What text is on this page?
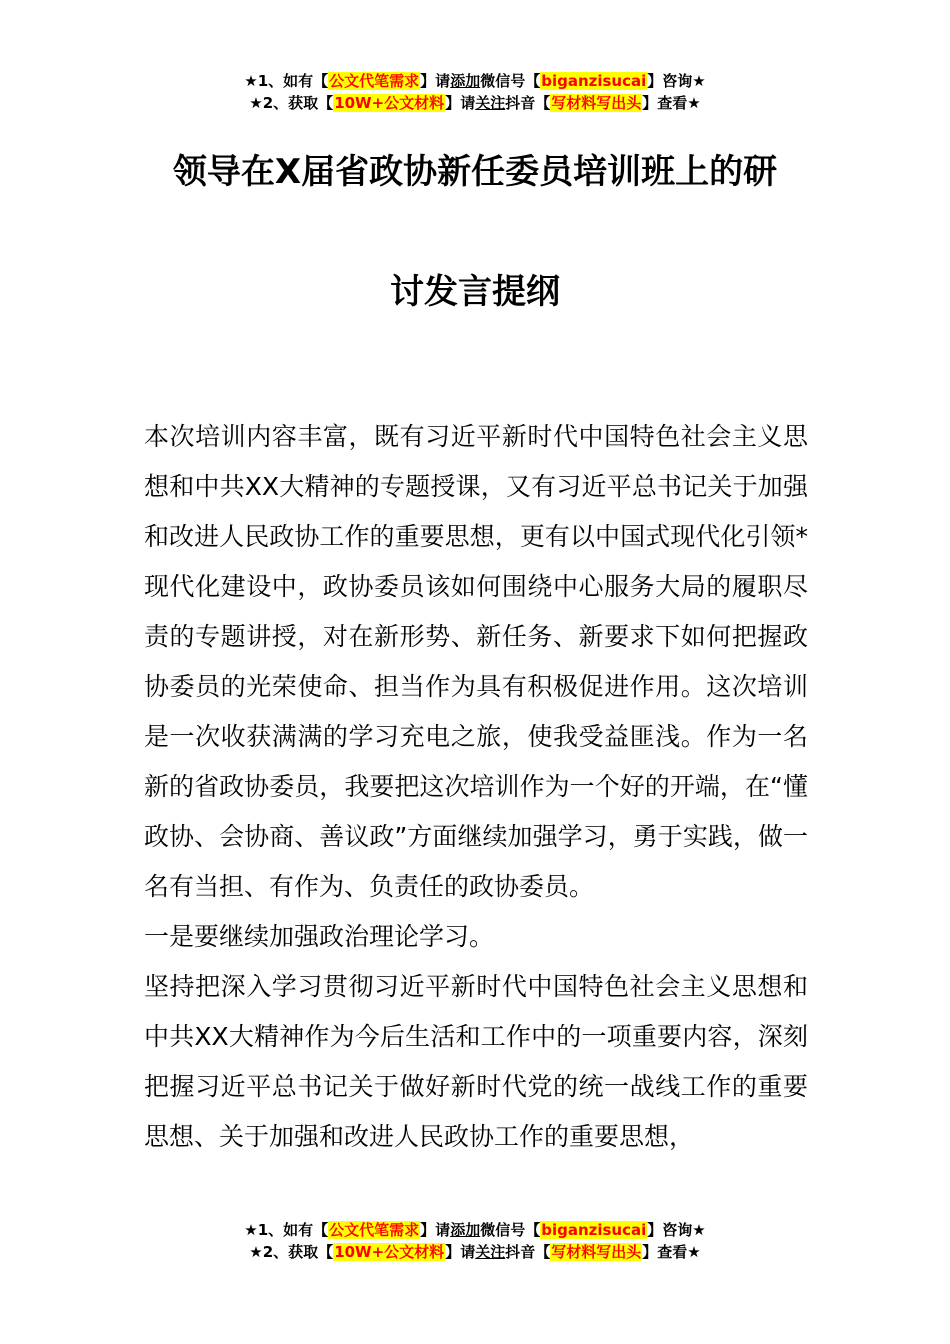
★1、如有【公文代笔需求】请添加微信号【biganzisucai】咨询★
★2、获取【10W+公文材料】请关注抖音【写材料写出头】查看★
领导在X届省政协新任委员培训班上的研
讨发言提纲

本次培训内容丰富，既有习近平新时代中国特色社会主义思想和中共XX大精神的专题授课，又有习近平总书记关于加强和改进人民政协工作的重要思想，更有以中国式现代化引领*现代化建设中，政协委员该如何围绕中心服务大局的履职尽责的专题讲授，对在新形势、新任务、新要求下如何把握政协委员的光荣使命、担当作为具有积极促进作用。这次培训是一次收获满满的学习充电之旅，使我受益匪浅。作为一名新的省政协委员，我要把这次培训作为一个好的开端，在“懂政协、会协商、善议政”方面继续加强学习，勇于实践，做一名有当担、有作为、负责任的政协委员。

一是要继续加强政治理论学习。

坚持把深入学习贯彻习近平新时代中国特色社会主义思想和中共XX大精神作为今后生活和工作中的一项重要内容，深刻把握习近平总书记关于做好新时代党的统一战线工作的重要思想、关于加强和改进人民政协工作的重要思想，

★1、如有【公文代笔需求】请添加微信号【biganzisucai】咨询★
★2、获取【10W+公文材料】请关注抖音【写材料写出头】查看★
